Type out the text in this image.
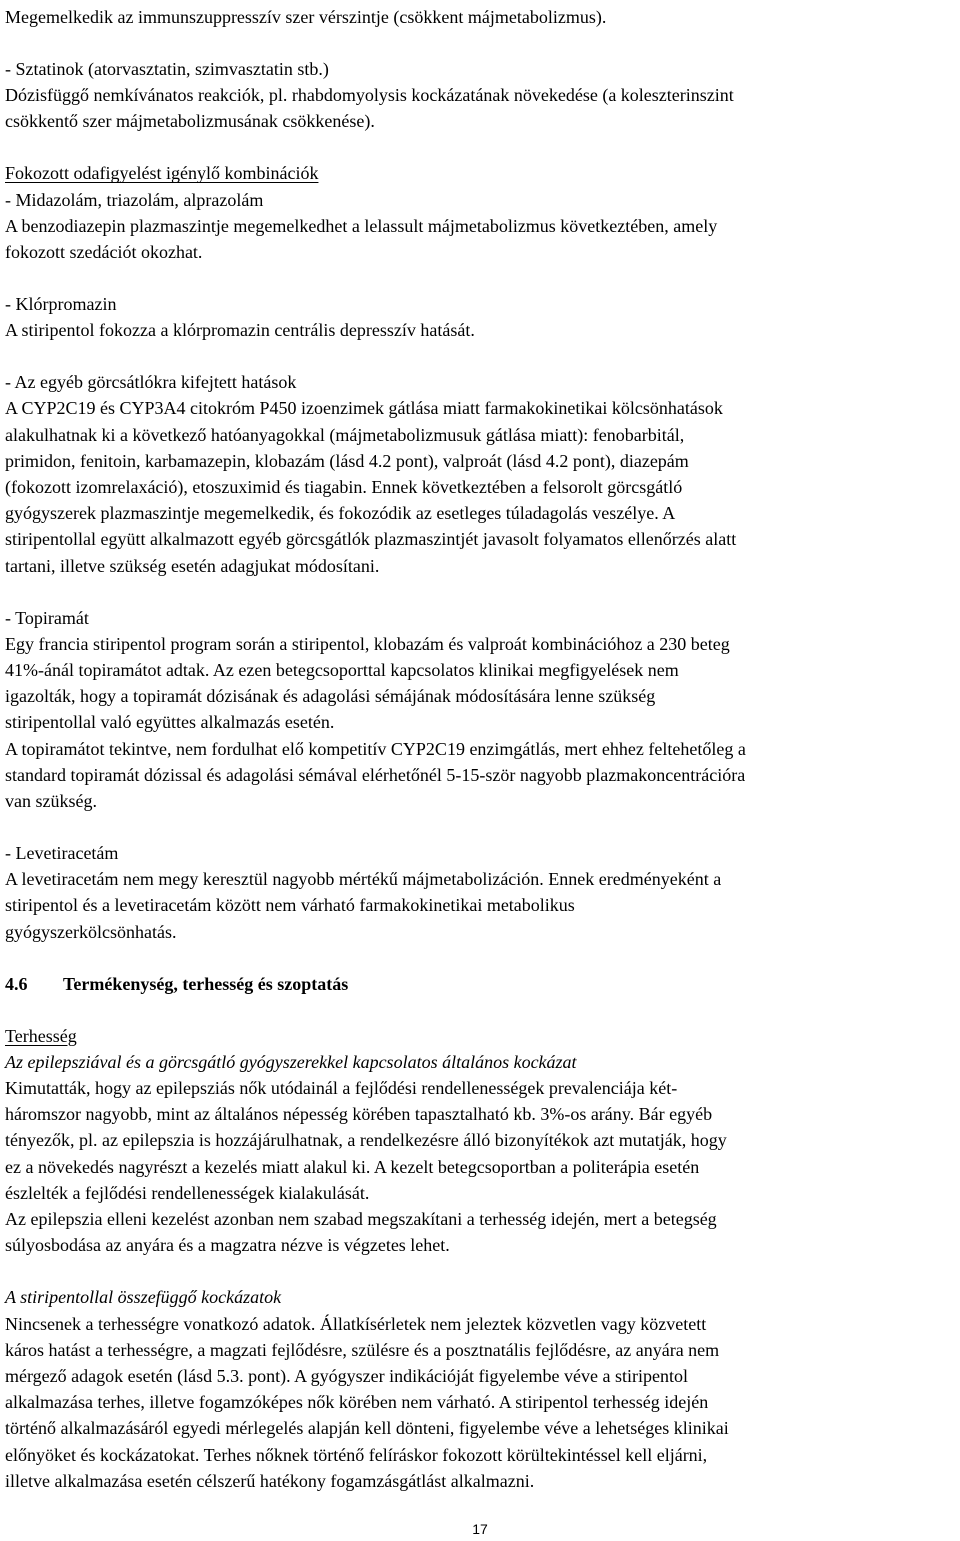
Megemelkedik az immunszuppresszív szer vérszintje (csökkent májmetabolizmus).
- Sztatinok (atorvasztatin, szimvasztatin stb.)
Dózisfüggő nemkívánatos reakciók, pl. rhabdomyolysis kockázatának növekedése (a koleszterinszint
csökkentő szer májmetabolizmusának csökkenése).
Fokozott odafigyelést igénylő kombinációk
- Midazolám, triazolám, alprazolám
A benzodiazepin plazmaszintje megemelkedhet a lelassult májmetabolizmus következtében, amely
fokozott szedációt okozhat.
- Klórpromazin
A stiripentol fokozza a klórpromazin centrális depresszív hatását.
- Az egyéb görcsátlókra kifejtett hatások
A CYP2C19 és CYP3A4 citokróm P450 izoenzimek gátlása miatt farmakokinetikai kölcsönhatások
alakulhatnak ki a következő hatóanyagokkal (májmetabolizmusuk gátlása miatt): fenobarbitál,
primidon, fenitoin, karbamazepin, klobazám (lásd 4.2 pont), valproát (lásd 4.2 pont), diazepám
(fokozott izomrelaxáció), etoszuximid és tiagabin. Ennek következtében a felsorolt görcsgátló
gyógyszerek plazmaszintje megemelkedik, és fokozódik az esetleges túladagolás veszélye. A
stiripentollal együtt alkalmazott egyéb görcsgátlók plazmaszintjét javasolt folyamatos ellenőrzés alatt
tartani, illetve szükség esetén adagjukat módosítani.
- Topiramát
Egy francia stiripentol program során a stiripentol, klobazám és valproát kombinációhoz a 230 beteg
41%-ánál topiramátot adtak. Az ezen betegcsoporttal kapcsolatos klinikai megfigyelések nem
igazolták, hogy a topiramát dózisának és adagolási sémájának módosítására lenne szükség
stiripentollal való együttes alkalmazás esetén.
A topiramátot tekintve, nem fordulhat elő kompetitív CYP2C19 enzimgátlás, mert ehhez feltehetőleg a
standard topiramát dózissal és adagolási sémával elérhetőnél 5-15-ször nagyobb plazmakoncentrációra
van szükség.
- Levetiracetám
A levetiracetám nem megy keresztül nagyobb mértékű májmetabolizáción. Ennek eredményeként a
stiripentol és a levetiracetám között nem várható farmakokinetikai metabolikus
gyógyszerkölcsönhatás.
4.6 Termékenység, terhesség és szoptatás
Terhesség
Az epilepsziával és a görcsgátló gyógyszerekkel kapcsolatos általános kockázat
Kimutatták, hogy az epilepsziás nők utódainál a fejlődési rendellenességek prevalenciája két-
háromszor nagyobb, mint az általános népesség körében tapasztalható kb. 3%-os arány. Bár egyéb
tényezők, pl. az epilepszia is hozzájárulhatnak, a rendelkezésre álló bizonyítékok azt mutatják, hogy
ez a növekedés nagyrészt a kezelés miatt alakul ki. A kezelt betegcsoportban a politerápia esetén
észlelték a fejlődési rendellenességek kialakulását.
Az epilepszia elleni kezelést azonban nem szabad megszakítani a terhesség idején, mert a betegség
súlyosbodása az anyára és a magzatra nézve is végzetes lehet.
A stiripentollal összefüggő kockázatok
Nincsenek a terhességre vonatkozó adatok. Állatkísérletek nem jeleztek közvetlen vagy közvetett
káros hatást a terhességre, a magzati fejlődésre, szülésre és a posztnatális fejlődésre, az anyára nem
mérgező adagok esetén (lásd 5.3. pont). A gyógyszer indikációját figyelembe véve a stiripentol
alkalmazása terhes, illetve fogamzóképes nők körében nem várható. A stiripentol terhesség idején
történő alkalmazásáról egyedi mérlegelés alapján kell dönteni, figyelembe véve a lehetséges klinikai
előnyöket és kockázatokat. Terhes nőknek történő felíráskor fokozott körültekintéssel kell eljárni,
illetve alkalmazása esetén célszerű hatékony fogamzásgátlást alkalmazni.
17
